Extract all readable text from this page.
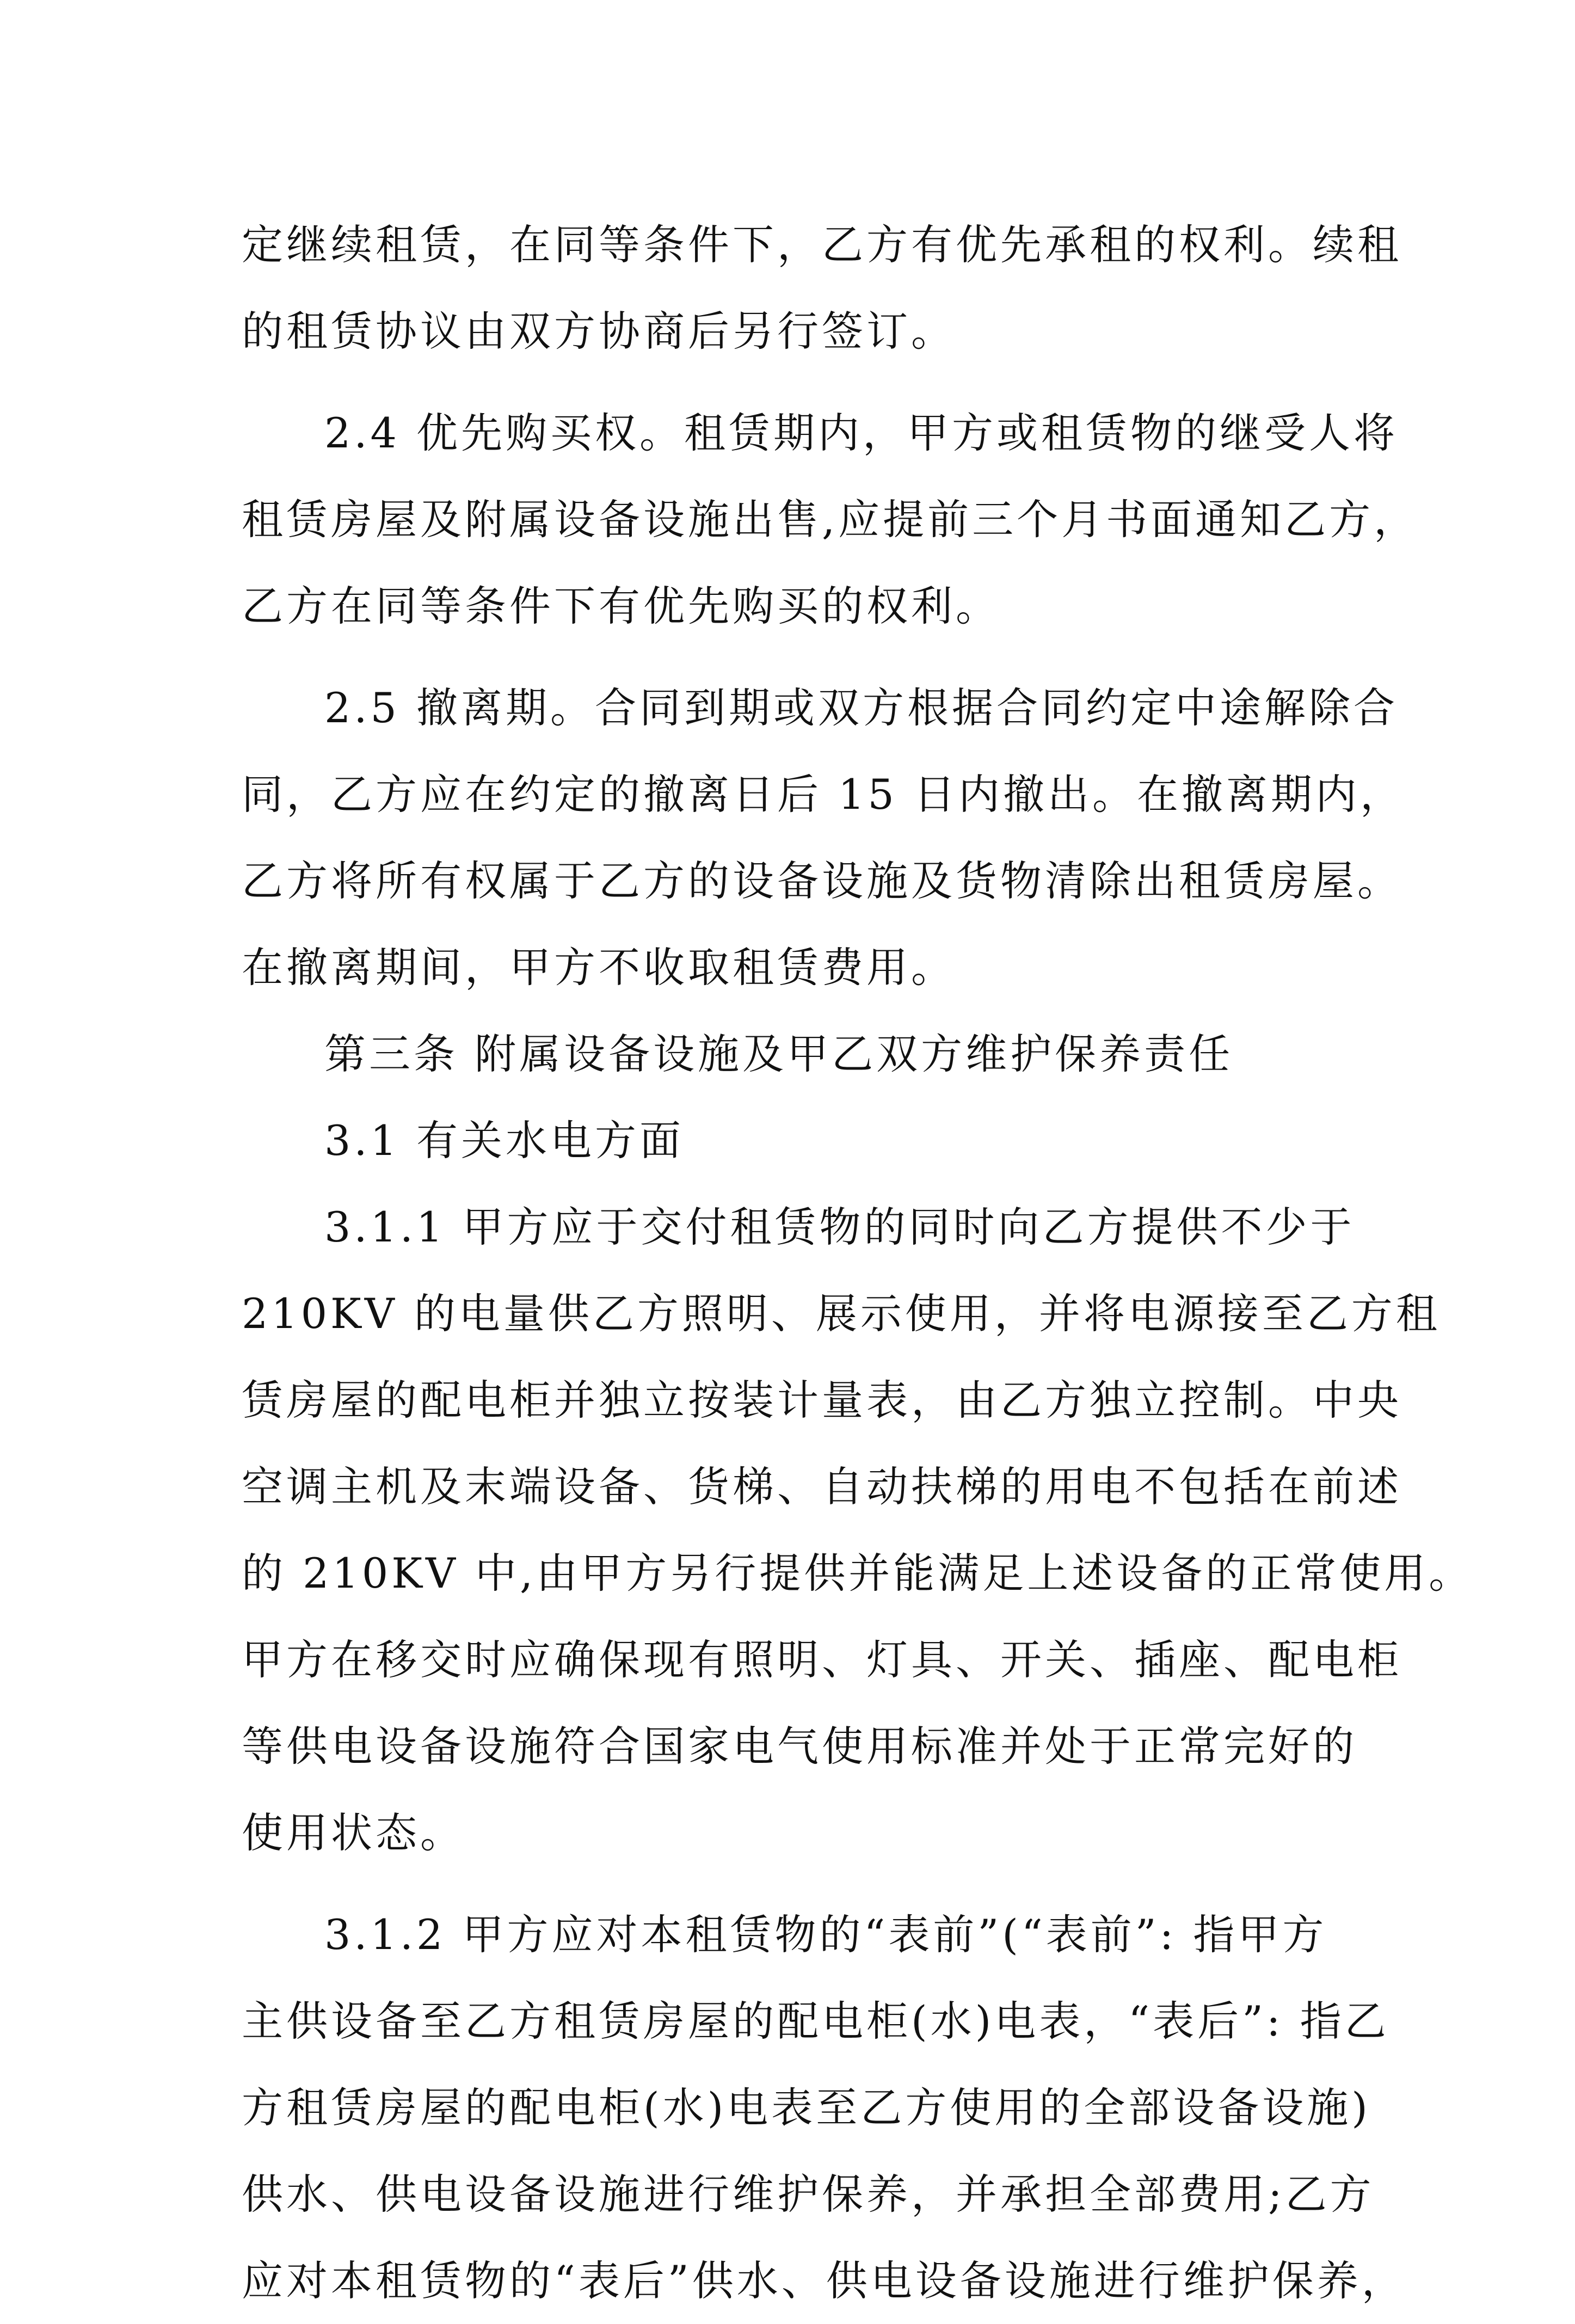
定继续租赁，在同等条件下，乙方有优先承租的权利。续租
的租赁协议由双方协商后另行签订。
2.4 优先购买权。租赁期内，甲方或租赁物的继受人将
租赁房屋及附属设备设施出售,应提前三个月书面通知乙方，
乙方在同等条件下有优先购买的权利。
2.5 撤离期。合同到期或双方根据合同约定中途解除合
同，乙方应在约定的撤离日后 15 日内撤出。在撤离期内，
乙方将所有权属于乙方的设备设施及货物清除出租赁房屋。
在撤离期间，甲方不收取租赁费用。
第三条 附属设备设施及甲乙双方维护保养责任
3.1 有关水电方面
3.1.1 甲方应于交付租赁物的同时向乙方提供不少于
210KV 的电量供乙方照明、展示使用，并将电源接至乙方租
赁房屋的配电柜并独立按装计量表，由乙方独立控制。中央
空调主机及末端设备、货梯、自动扶梯的用电不包括在前述
的 210KV 中,由甲方另行提供并能满足上述设备的正常使用。
甲方在移交时应确保现有照明、灯具、开关、插座、配电柜
等供电设备设施符合国家电气使用标准并处于正常完好的
使用状态。
3.1.2 甲方应对本租赁物的“表前”(“表前”: 指甲方
主供设备至乙方租赁房屋的配电柜(水)电表，“表后”: 指乙
方租赁房屋的配电柜(水)电表至乙方使用的全部设备设施)
供水、供电设备设施进行维护保养，并承担全部费用;乙方
应对本租赁物的“表后”供水、供电设备设施进行维护保养，
